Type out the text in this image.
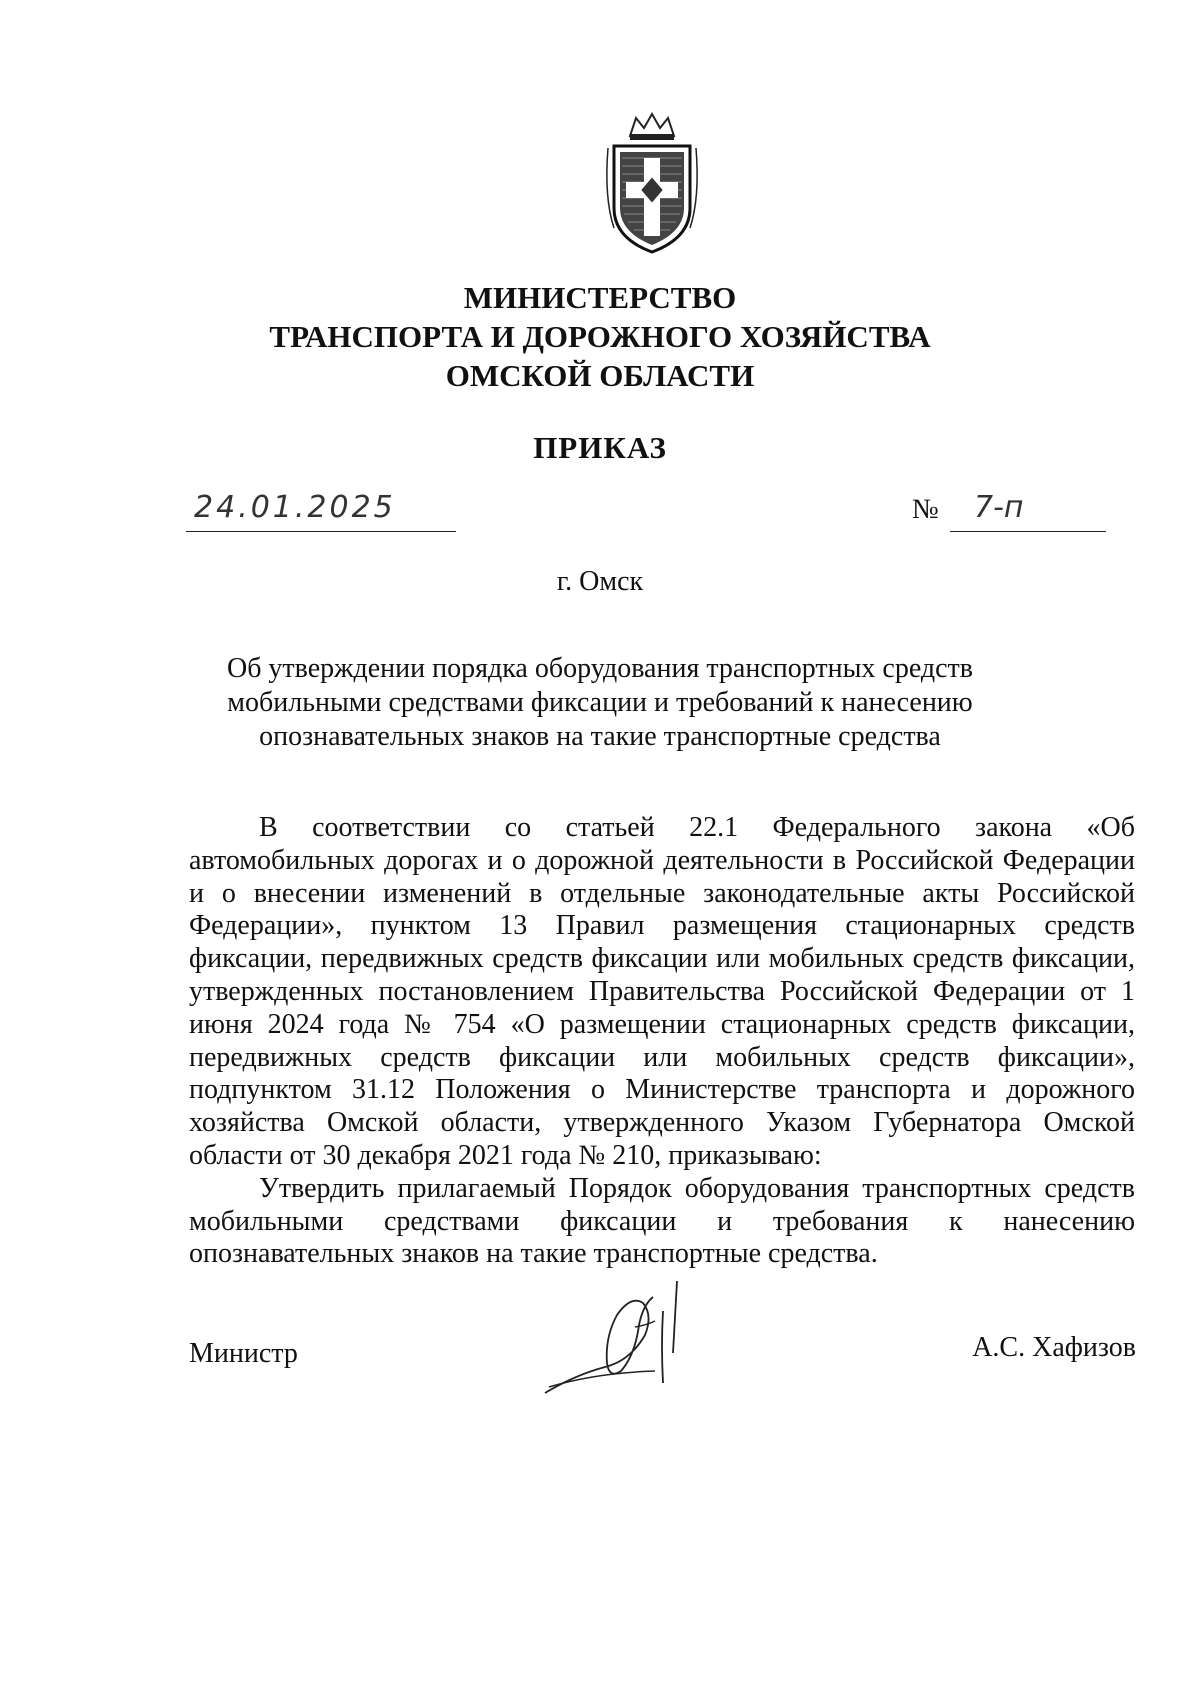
МИНИСТЕРСТВО
ТРАНСПОРТА И ДОРОЖНОГО ХОЗЯЙСТВА
ОМСКОЙ ОБЛАСТИ
ПРИКАЗ
24.01.2025	№	7-п
г. Омск
Об утверждении порядка оборудования транспортных средств
мобильными средствами фиксации и требований к нанесению
опознавательных знаков на такие транспортные средства

В соответствии со статьей 22.1 Федерального закона «Об автомобильных дорогах и о дорожной деятельности в Российской Федерации и о внесении изменений в отдельные законодательные акты Российской Федерации», пунктом 13 Правил размещения стационарных средств фиксации, передвижных средств фиксации или мобильных средств фиксации, утвержденных постановлением Правительства Российской Федерации от 1 июня 2024 года № 754 «О размещении стационарных средств фиксации, передвижных средств фиксации или мобильных средств фиксации», подпунктом 31.12 Положения о Министерстве транспорта и дорожного хозяйства Омской области, утвержденного Указом Губернатора Омской области от 30 декабря 2021 года № 210, приказываю:

Утвердить прилагаемый Порядок оборудования транспортных средств мобильными средствами фиксации и требования к нанесению опознавательных знаков на такие транспортные средства.

Министр	А.С. Хафизов
